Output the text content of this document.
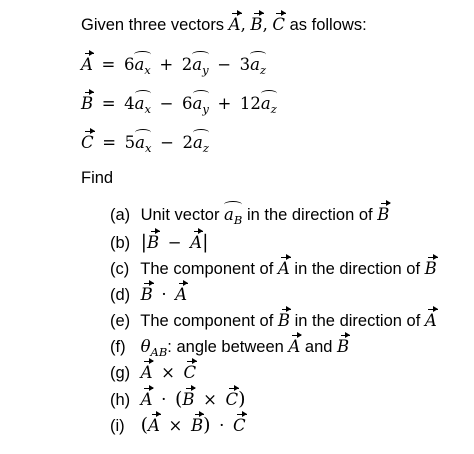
Given three vectors A, B, C as follows:
$A = 6a_x + 2a_y - 3a_z$
$B = 4a_x - 6a_y + 12a_z$
$C = 5a_x - 2a_z$
Find
(a) Unit vector $a_B$ in the direction of B
(b) |B − A|
(c) The component of A in the direction of B
(d) B · A
(e) The component of B in the direction of A
(f) $\theta_{AB}$: angle between A and B
(g) A × C
(h) A · (B × C)
(i) (A × B) · C
